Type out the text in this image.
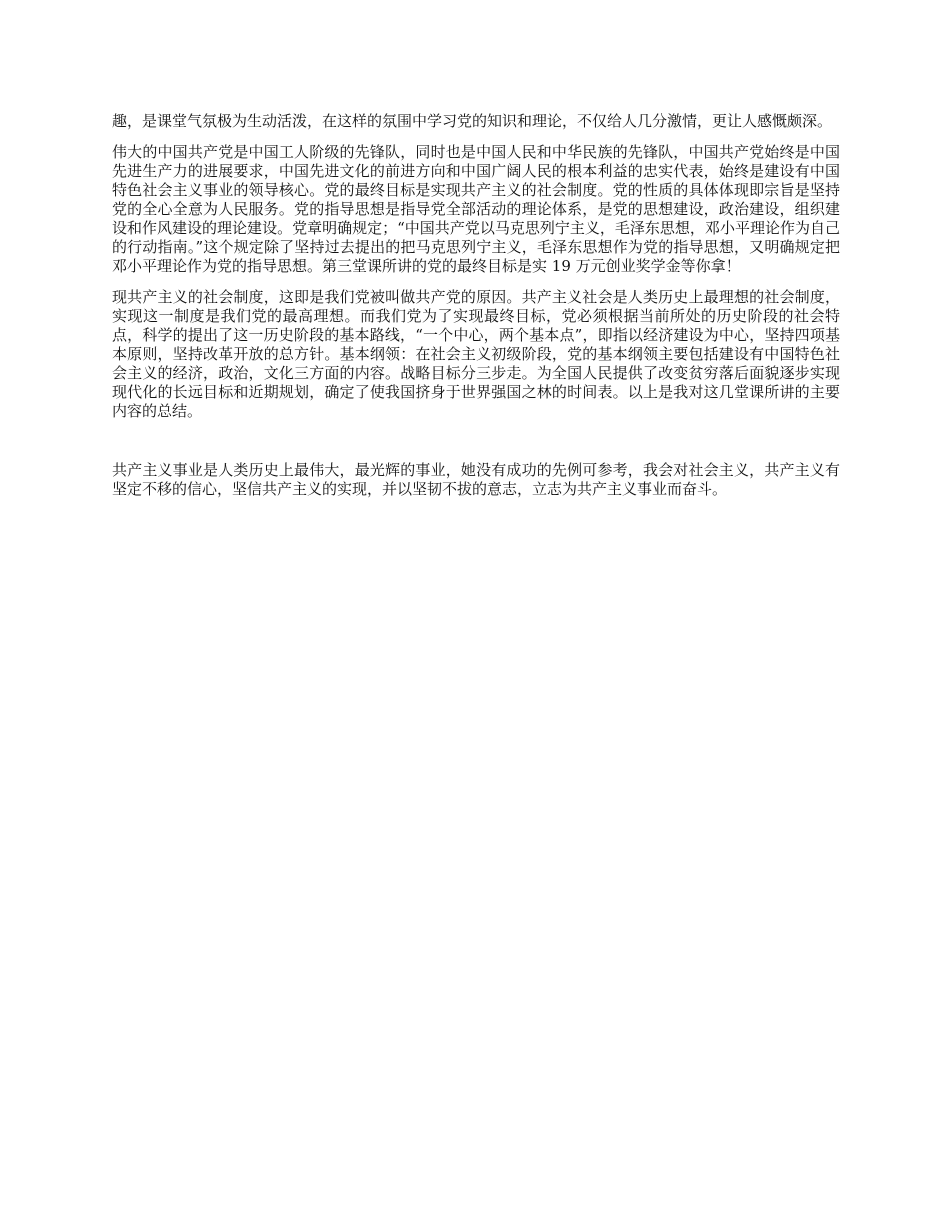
趣，是课堂气氛极为生动活泼，在这样的氛围中学习党的知识和理论，不仅给人几分激情，更让人感慨颇深。

伟大的中国共产党是中国工人阶级的先锋队，同时也是中国人民和中华民族的先锋队，中国共产党始终是中国先进生产力的进展要求，中国先进文化的前进方向和中国广阔人民的根本利益的忠实代表，始终是建设有中国特色社会主义事业的领导核心。党的最终目标是实现共产主义的社会制度。党的性质的具体体现即宗旨是坚持党的全心全意为人民服务。党的指导思想是指导党全部活动的理论体系，是党的思想建设，政治建设，组织建设和作风建设的理论建设。党章明确规定；“中国共产党以马克思列宁主义，毛泽东思想，邓小平理论作为自己的行动指南。”这个规定除了坚持过去提出的把马克思列宁主义，毛泽东思想作为党的指导思想，又明确规定把邓小平理论作为党的指导思想。第三堂课所讲的党的最终目标是实 19 万元创业奖学金等你拿！

现共产主义的社会制度，这即是我们党被叫做共产党的原因。共产主义社会是人类历史上最理想的社会制度，实现这一制度是我们党的最高理想。而我们党为了实现最终目标，党必须根据当前所处的历史阶段的社会特点，科学的提出了这一历史阶段的基本路线，“一个中心，两个基本点”，即指以经济建设为中心，坚持四项基本原则，坚持改革开放的总方针。基本纲领：在社会主义初级阶段，党的基本纲领主要包括建设有中国特色社会主义的经济，政治，文化三方面的内容。战略目标分三步走。为全国人民提供了改变贫穷落后面貌逐步实现现代化的长远目标和近期规划，确定了使我国挤身于世界强国之林的时间表。以上是我对这几堂课所讲的主要内容的总结。

共产主义事业是人类历史上最伟大，最光辉的事业，她没有成功的先例可参考，我会对社会主义，共产主义有坚定不移的信心，坚信共产主义的实现，并以坚韧不拔的意志，立志为共产主义事业而奋斗。
